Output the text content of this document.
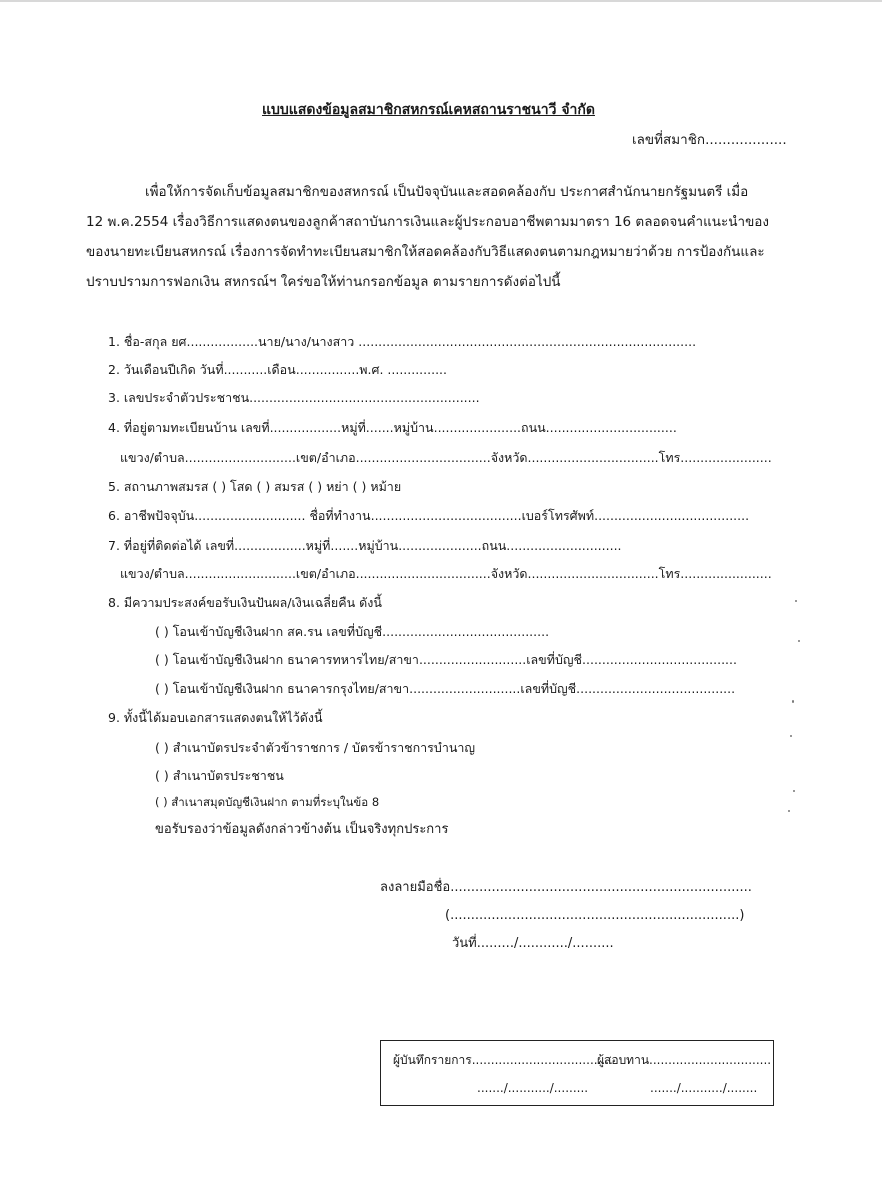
แบบแสดงข้อมูลสมาชิกสหกรณ์เคหสถานราชนาวี จำกัด
เลขที่สมาชิก...................
เพื่อให้การจัดเก็บข้อมูลสมาชิกของสหกรณ์ เป็นปัจจุบันและสอดคล้องกับ ประกาศสำนักนายกรัฐมนตรี เมื่อ
12 พ.ค.2554 เรื่องวิธีการแสดงตนของลูกค้าสถาบันการเงินและผู้ประกอบอาชีพตามมาตรา 16 ตลอดจนคำแนะนำของ
ของนายทะเบียนสหกรณ์ เรื่องการจัดทำทะเบียนสมาชิกให้สอดคล้องกับวิธีแสดงตนตามกฎหมายว่าด้วย การป้องกันและ
ปราบปรามการฟอกเงิน สหกรณ์ฯ ใคร่ขอให้ท่านกรอกข้อมูล ตามรายการดังต่อไปนี้
1. ชื่อ-สกุล ยศ..................นาย/นาง/นางสาว .....................................................................................
2. วันเดือนปีเกิด วันที่...........เดือน................พ.ศ. ...............
3. เลขประจำตัวประชาชน..........................................................
4. ที่อยู่ตามทะเบียนบ้าน เลขที่..................หมู่ที่.......หมู่บ้าน......................ถนน.................................
แขวง/ตำบล............................เขต/อำเภอ..................................จังหวัด.................................โทร.......................
5. สถานภาพสมรส ( ) โสด ( ) สมรส ( ) หย่า ( ) หม้าย
6. อาชีพปัจจุบัน............................ ชื่อที่ทำงาน......................................เบอร์โทรศัพท์.......................................
7. ที่อยู่ที่ติดต่อได้ เลขที่..................หมู่ที่.......หมู่บ้าน.....................ถนน.............................
แขวง/ตำบล............................เขต/อำเภอ..................................จังหวัด.................................โทร.......................
8. มีความประสงค์ขอรับเงินปันผล/เงินเฉลี่ยคืน ดังนี้
( ) โอนเข้าบัญชีเงินฝาก สค.รน เลขที่บัญชี..........................................
( ) โอนเข้าบัญชีเงินฝาก ธนาคารทหารไทย/สาขา...........................เลขที่บัญชี.......................................
( ) โอนเข้าบัญชีเงินฝาก ธนาคารกรุงไทย/สาขา............................เลขที่บัญชี........................................
9. ทั้งนี้ได้มอบเอกสารแสดงตนให้ไว้ดังนี้
( ) สำเนาบัตรประจำตัวข้าราชการ / บัตรข้าราชการบำนาญ
( ) สำเนาบัตรประชาชน
( ) สำเนาสมุดบัญชีเงินฝาก ตามที่ระบุในข้อ 8
ขอรับรองว่าข้อมูลดังกล่าวข้างต้น เป็นจริงทุกประการ
ลงลายมือชื่อ.........................................................................
(......................................................................)
วันที่........./............/..........
ผู้บันทึกรายการ.....................................
ผู้สอบทาน................................
......./.........../.........	......./.........../........
